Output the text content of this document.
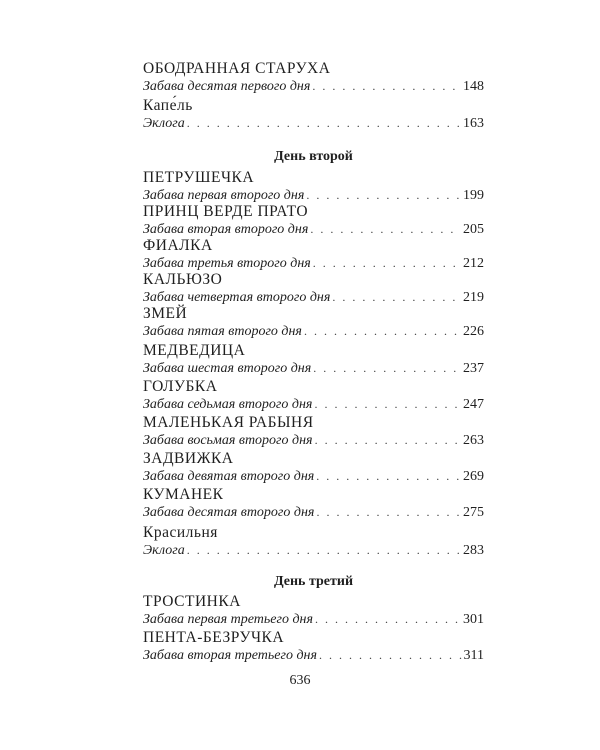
ОБОДРАННАЯ СТАРУХА
Забава десятая первого дня . . .	148
Капе́ль
Эклога . . .	163
День второй
ПЕТРУШЕЧКА
Забава первая второго дня . . .	199
ПРИНЦ ВЕРДЕ ПРАТО
Забава вторая второго дня . . .	205
ФИАЛКА
Забава третья второго дня . . .	212
КАЛЬЮЗО
Забава четвертая второго дня . . .	219
ЗМЕЙ
Забава пятая второго дня . . .	226
МЕДВЕДИЦА
Забава шестая второго дня . . .	237
ГОЛУБКА
Забава седьмая второго дня . . .	247
МАЛЕНЬКАЯ РАБЫНЯ
Забава восьмая второго дня . . .	263
ЗАДВИЖКА
Забава девятая второго дня . . .	269
КУМАНЕК
Забава десятая второго дня . . .	275
Красильня
Эклога . . .	283
День третий
ТРОСТИНКА
Забава первая третьего дня . . .	301
ПЕНТА-БЕЗРУЧКА
Забава вторая третьего дня . . .	311
636
